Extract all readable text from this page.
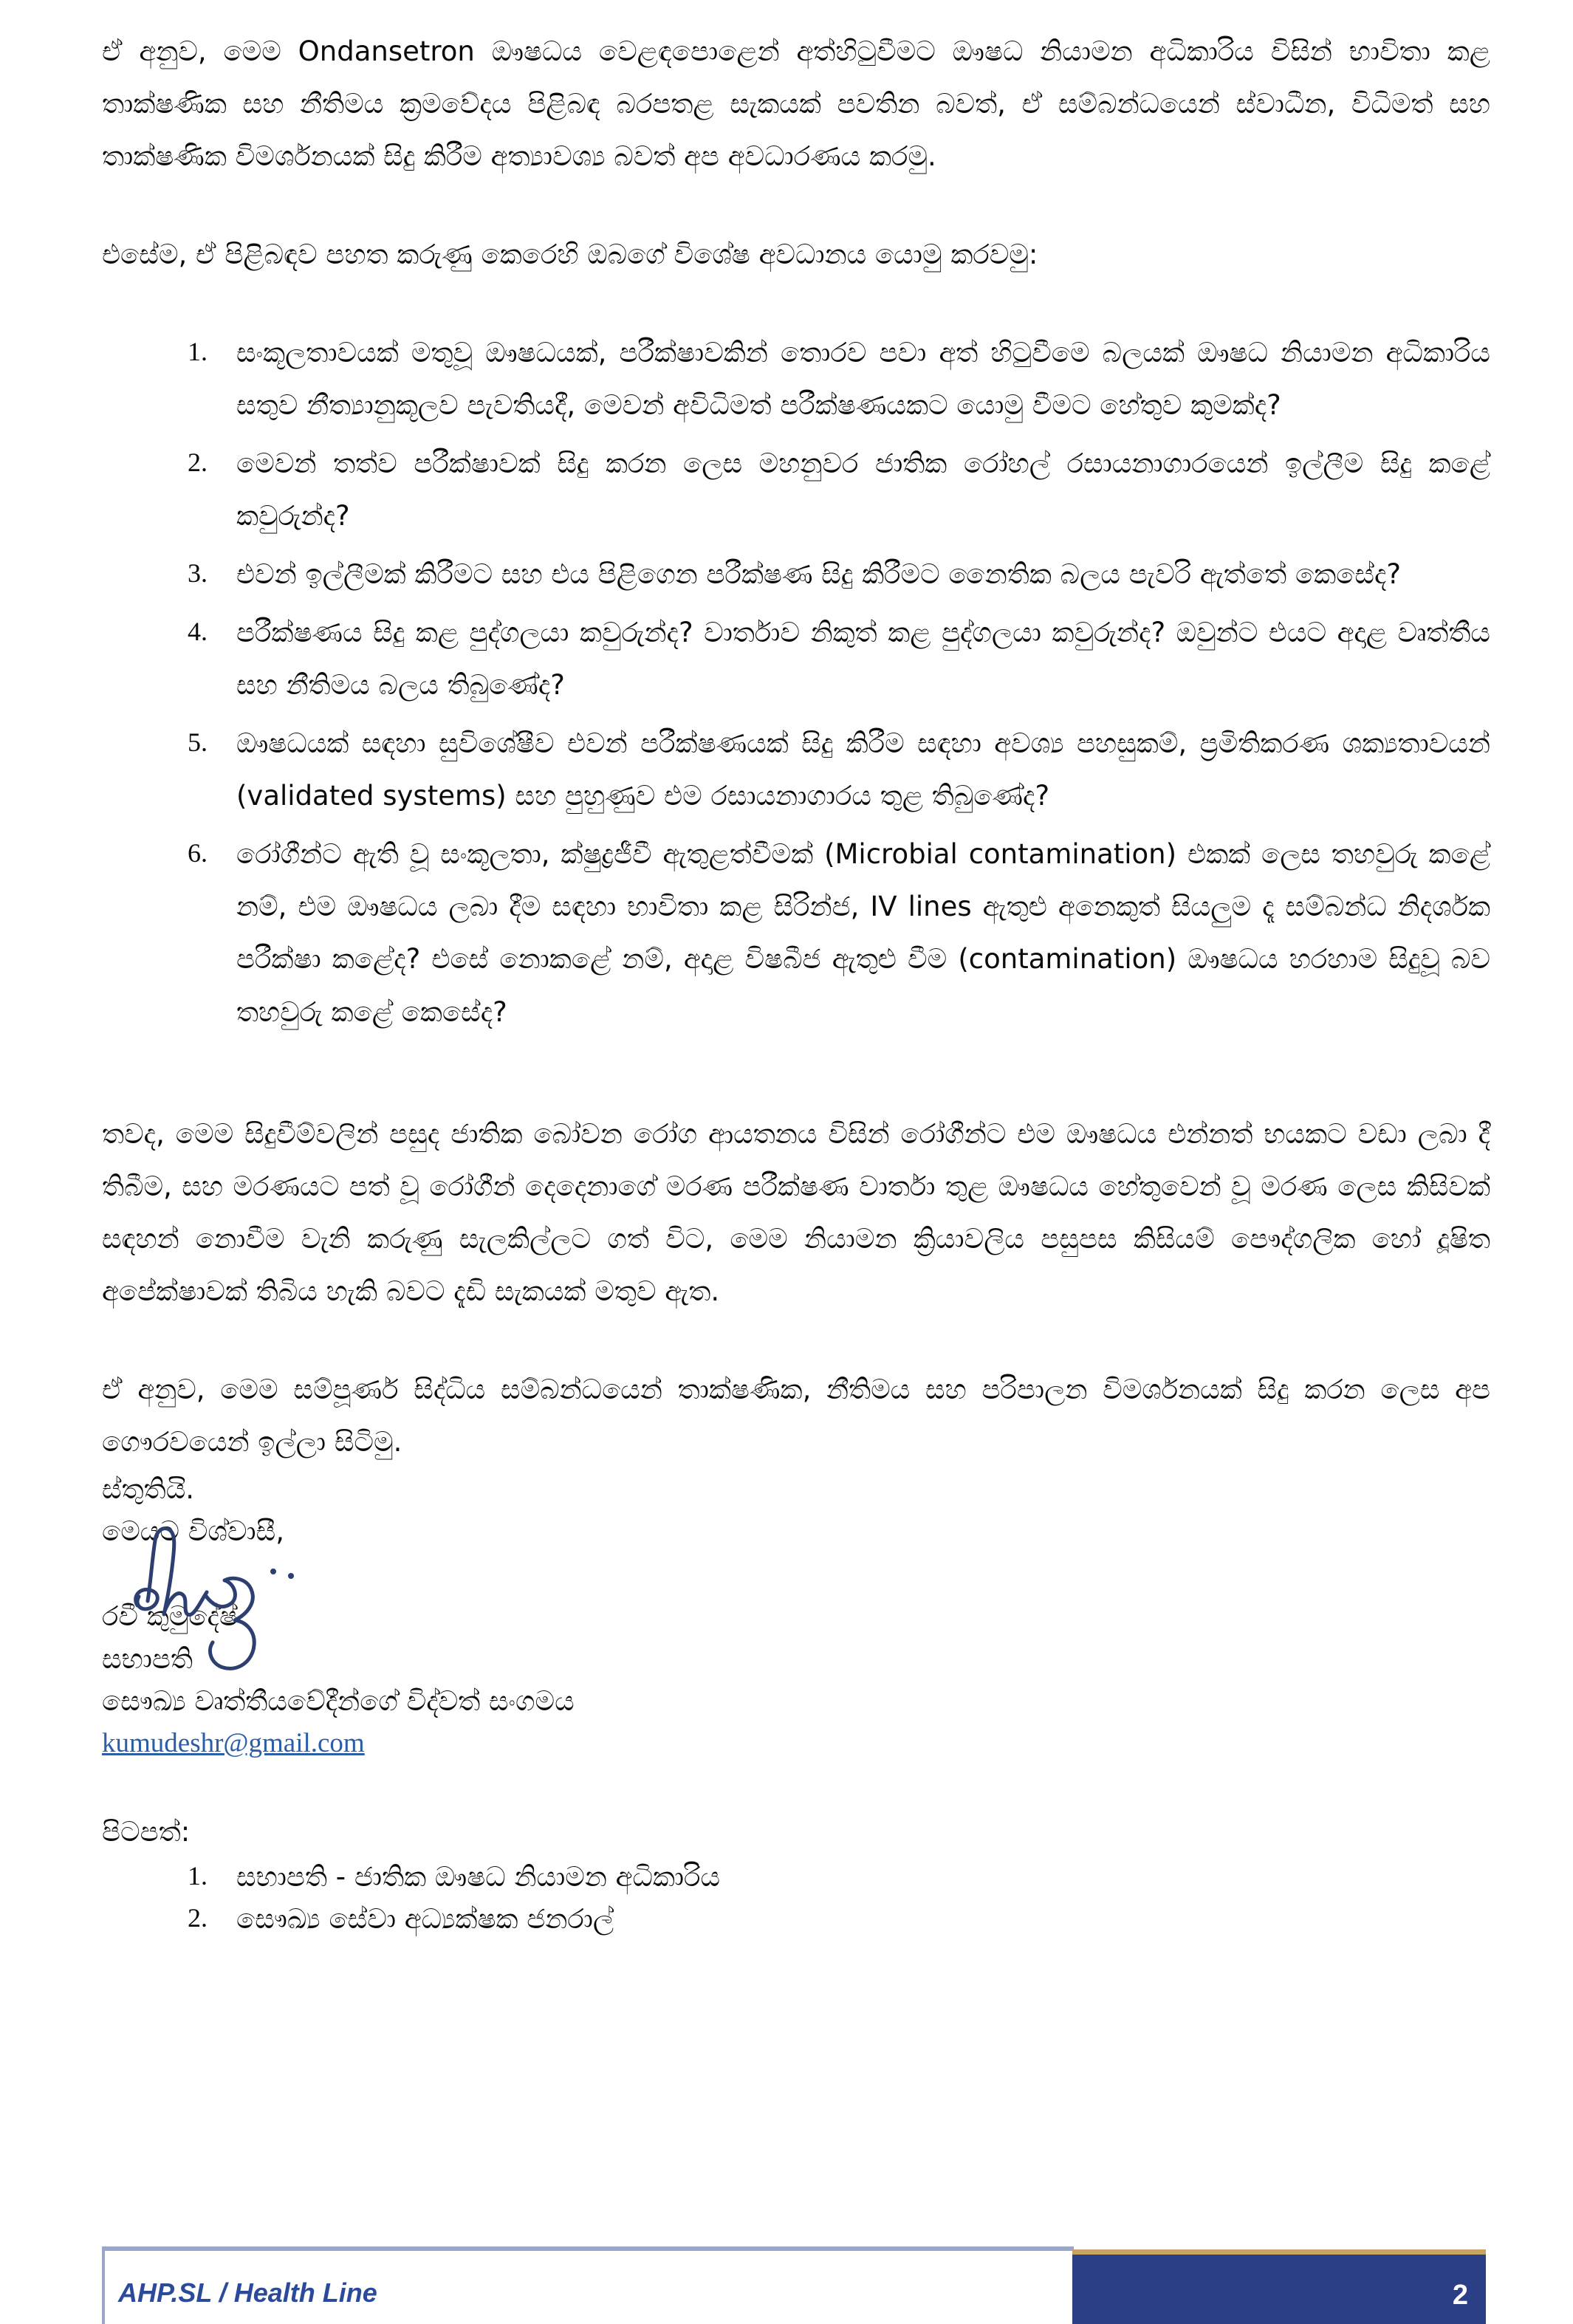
ඒ අනුව, මෙම Ondansetron ඖෂධය වෙළඳපොළෙන් අත්හිටුවීමට ඖෂධ නියාමන අධිකාරිය විසින් භාවිතා කළ තාක්ෂණික සහ නීතිමය ක්‍රමවේදය පිළිබඳ බරපතළ සැකයක් පවතින බවත්, ඒ සම්බන්ධයෙන් ස්වාධීන, විධිමත් සහ තාක්ෂණික විමර්ශනයක් සිදු කිරීම අත්‍යාවශ්‍ය බවත් අප අවධාරණය කරමු.

එසේම, ඒ පිළිබඳව පහත කරුණු කෙරෙහි ඔබගේ විශේෂ අවධානය යොමු කරවමු:

සංකූලතාවයක් මතුවූ ඖෂධයක්, පරීක්ෂාවකින් තොරව පවා අත් හිටුවීමෙ බලයක් ඖෂධ නියාමන අධිකාරිය සතුව නීත්‍යානුකූලව පැවතියදී, මෙවන් අවිධිමත් පරීක්ෂණයකට යොමු වීමට හේතුව කුමක්ද?
මෙවන් තත්ව පරීක්ෂාවක් සිදු කරන ලෙස මහනුවර ජාතික රෝහල් රසායනාගාරයෙන් ඉල්ලීම සිදු කළේ කවුරුන්ද?
එවන් ඉල්ලීමක් කිරීමට සහ එය පිළිගෙන පරීක්ෂණ සිදු කිරීමට නෛතික බලය පැවරි ඇත්තේ කෙසේද?
පරීක්ෂණය සිදු කළ පුද්ගලයා කවුරුන්ද? වාර්තාව නිකුත් කළ පුද්ගලයා කවුරුන්ද? ඔවුන්ට එයට අදාළ වෘත්තීය සහ නීතිමය බලය තිබුණේද?
ඖෂධයක් සඳහා සුවිශේෂීව එවන් පරීක්ෂණයක් සිදු කිරීම සඳහා අවශ්‍ය පහසුකම්, ප්‍රමිතිකරණ ශක්‍යතාවයන් (validated systems) සහ පුහුණුව එම රසායනාගාරය තුළ තිබුණේද?
රෝගීන්ට ඇති වූ සංකූලතා, ක්ෂුද්‍රජීවී ඇතුළත්වීමක් (Microbial contamination) එකක් ලෙස තහවුරු කළේ නම්, එම ඖෂධය ලබා දීම සඳහා භාවිතා කළ සිරින්ජ, IV lines ඇතුළු අනෙකුත් සියලුම දෑ සම්බන්ධ නිදර්ශක පරීක්ෂා කළේද? එසේ නොකළේ නම්, අදාළ විෂබීජ ඇතුළු වීම (contamination) ඖෂධය හරහාම සිදුවූ බව තහවුරු කළේ කෙසේද?

තවද, මෙම සිදුවීම්වලින් පසුද ජාතික බෝවන රෝග ආයතනය විසින් රෝගීන්ට එම ඖෂධය එන්නත් භයකට වඩා ලබා දී තිබීම, සහ මරණයට පත් වූ රෝගීන් දෙදෙනාගේ මරණ පරීක්ෂණ වාර්තා තුළ ඖෂධය හේතුවෙන් වූ මරණ ලෙස කිසිවක් සඳහන් නොවීම වැනි කරුණු සැලකිල්ලට ගත් විට, මෙම නියාමන ක්‍රියාවලිය පසුපස කිසියම් පෞද්ගලික හෝ දූෂිත අපේක්ෂාවක් තිබිය හැකි බවට දැඩි සැකයක් මතුව ඇත.

ඒ අනුව, මෙම සම්පූර්ණ සිද්ධිය සම්බන්ධයෙන් තාක්ෂණික, නීතිමය සහ පරිපාලන විමර්ශනයක් සිදු කරන ලෙස අප ගෞරවයෙන් ඉල්ලා සිටිමු.

ස්තුතියි.
මෙයට විශ්වාසී,
රවී කුමුදේෂ්
සභාපති
සෞඛ්‍ය වෘත්තීයවේදීන්ගේ විද්වත් සංගමය
kumudeshr@gmail.com
පිටපත්:
සභාපති - ජාතික ඖෂධ නියාමන අධිකාරිය
සෞඛ්‍ය සේවා අධ්‍යක්ෂක ජනරාල්
AHP.SL / Health Line	2
